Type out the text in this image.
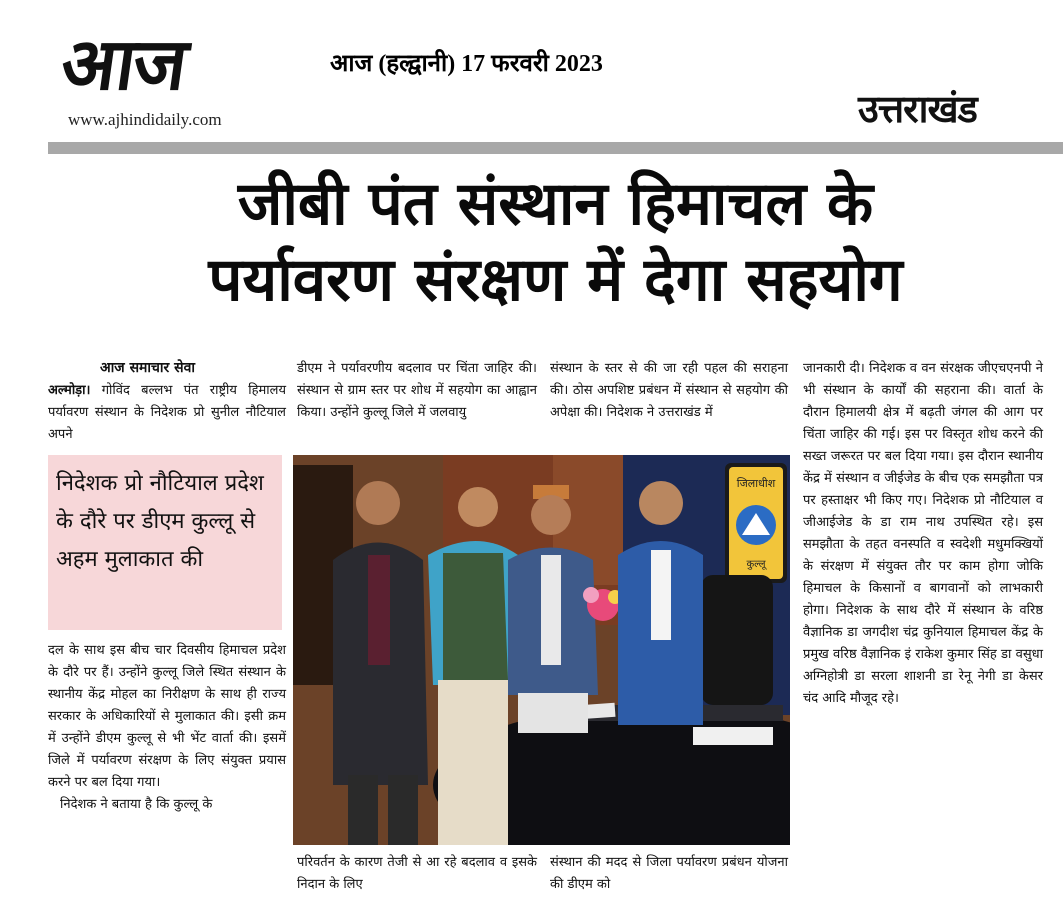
आज
www.ajhindidaily.com
आज (हल्द्वानी) 17 फरवरी 2023
उत्तराखंड
जीबी पंत संस्थान हिमाचल के
पर्यावरण संरक्षण में देगा सहयोग
आज समाचार सेवा

अल्मोड़ा। गोविंद बल्लभ पंत राष्ट्रीय हिमालय पर्यावरण संस्थान के निदेशक प्रो सुनील नौटियाल अपने

निदेशक प्रो नौटियाल प्रदेश के दौरे पर डीएम कुल्लू से अहम मुलाकात की

दल के साथ इस बीच चार दिवसीय हिमाचल प्रदेश के दौरे पर हैं। उन्होंने कुल्लू जिले स्थित संस्थान के स्थानीय केंद्र मोहल का निरीक्षण के साथ ही राज्य सरकार के अधिकारियों से मुलाकात की। इसी क्रम में उन्होंने डीएम कुल्लू से भी भेंट वार्ता की। इसमें जिले में पर्यावरण संरक्षण के लिए संयुक्त प्रयास करने पर बल दिया गया।

निदेशक ने बताया है कि कुल्लू के

डीएम ने पर्यावरणीय बदलाव पर चिंता जाहिर की। संस्थान से ग्राम स्तर पर शोध में सहयोग का आह्वान किया। उन्होंने कुल्लू जिले में जलवायु
संस्थान के स्तर से की जा रही पहल की सराहना की। ठोस अपशिष्ट प्रबंधन में संस्थान से सहयोग की अपेक्षा की। निदेशक ने उत्तराखंड में
जानकारी दी। निदेशक व वन संरक्षक जीएचएनपी ने भी संस्थान के कार्यों की सहराना की। वार्ता के दौरान हिमालयी क्षेत्र में बढ़ती जंगल की आग पर चिंता जाहिर की गई। इस पर विस्तृत शोध करने की सख्त जरूरत पर बल दिया गया। इस दौरान स्थानीय केंद्र में संस्थान व जीईजेड के बीच एक समझौता पत्र पर हस्ताक्षर भी किए गए। निदेशक प्रो नौटियाल व जीआईजेड के डा राम नाथ उपस्थित रहे। इस समझौता के तहत वनस्पति व स्वदेशी मधुमक्खियों के संरक्षण में संयुक्त तौर पर काम होगा जोकि हिमाचल के किसानों व बागवानों को लाभकारी होगा। निदेशक के साथ दौरे में संस्थान के वरिष्ठ वैज्ञानिक डा जगदीश चंद्र कुनियाल हिमाचल केंद्र के प्रमुख वरिष्ठ वैज्ञानिक इं राकेश कुमार सिंह डा वसुधा अग्निहोत्री डा सरला शाशनी डा रेनू नेगी डा केसर चंद आदि मौजूद रहे।
जिलाधीश
कुल्लू
परिवर्तन के कारण तेजी से आ रहे बदलाव व इसके निदान के लिए
संस्थान की मदद से जिला पर्यावरण प्रबंधन योजना की डीएम को
